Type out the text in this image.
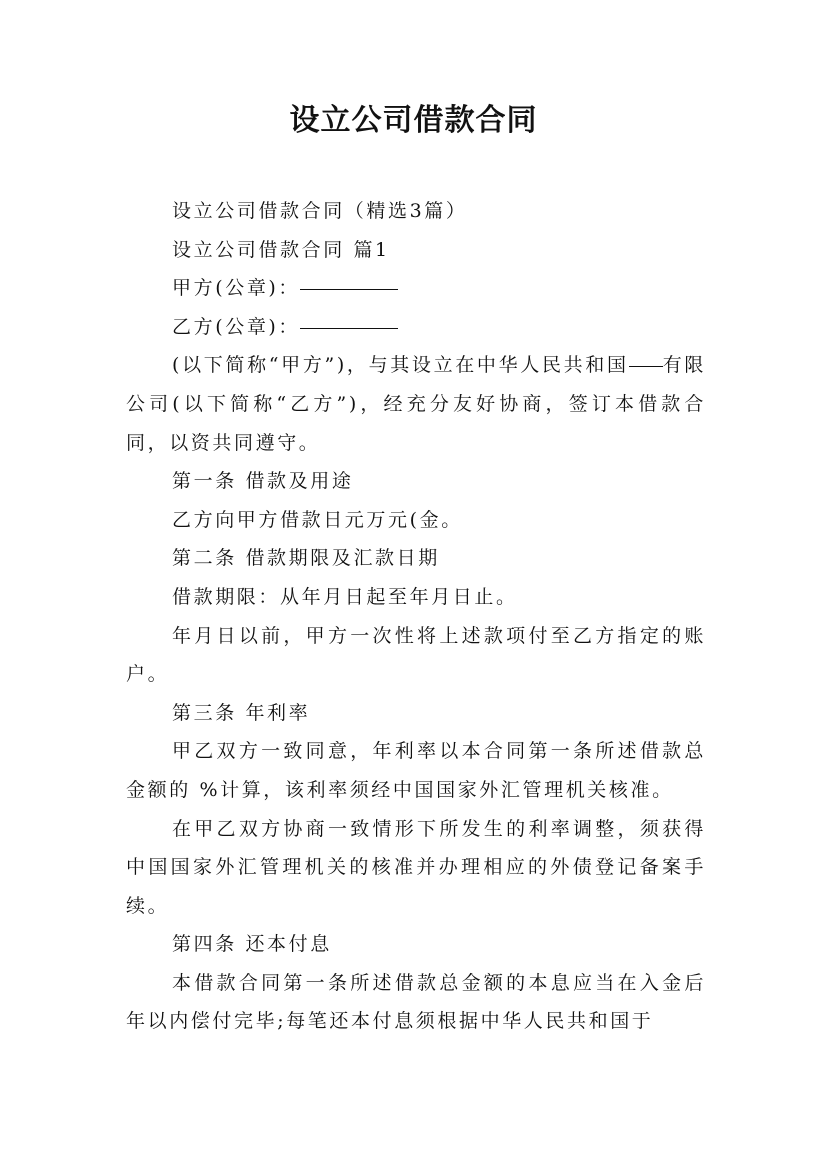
设立公司借款合同

设立公司借款合同（精选3篇）

设立公司借款合同 篇1

甲方(公章)：

乙方(公章)：

(以下简称“甲方”)，与其设立在中华人民共和国 有限公司(以下简称“乙方”)，经充分友好协商，签订本借款合同，以资共同遵守。

第一条 借款及用途

乙方向甲方借款日元万元(金。

第二条 借款期限及汇款日期

借款期限：从年月日起至年月日止。

年月日以前，甲方一次性将上述款项付至乙方指定的账户。

第三条 年利率

甲乙双方一致同意，年利率以本合同第一条所述借款总金额的 %计算，该利率须经中国国家外汇管理机关核准。

在甲乙双方协商一致情形下所发生的利率调整，须获得中国国家外汇管理机关的核准并办理相应的外债登记备案手续。

第四条 还本付息

本借款合同第一条所述借款总金额的本息应当在入金后年以内偿付完毕;每笔还本付息须根据中华人民共和国于
